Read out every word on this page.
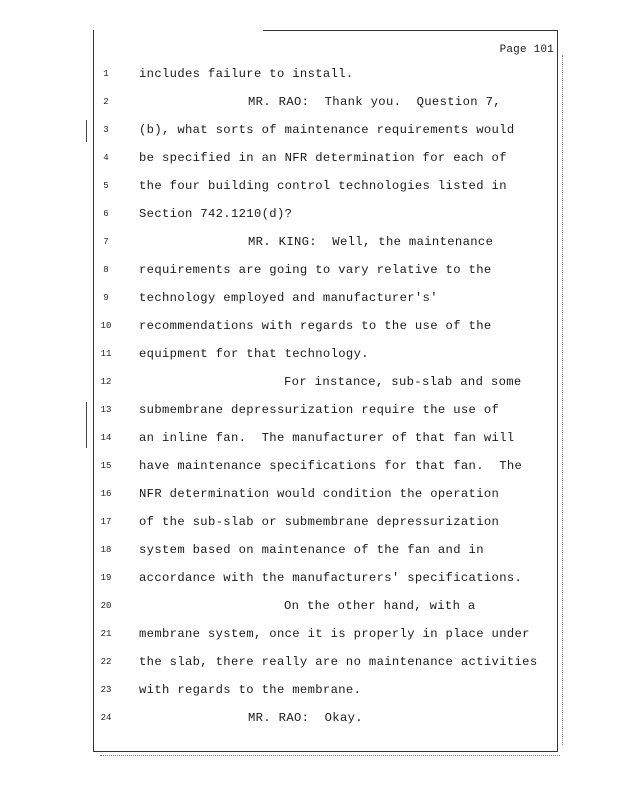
Page 101
1	includes failure to install.
2	MR. RAO:  Thank you.  Question 7,
3	(b), what sorts of maintenance requirements would
4	be specified in an NFR determination for each of
5	the four building control technologies listed in
6	Section 742.1210(d)?
7	MR. KING:  Well, the maintenance
8	requirements are going to vary relative to the
9	technology employed and manufacturer's'
10	recommendations with regards to the use of the
11	equipment for that technology.
12	For instance, sub-slab and some
13	submembrane depressurization require the use of
14	an inline fan.  The manufacturer of that fan will
15	have maintenance specifications for that fan.  The
16	NFR determination would condition the operation
17	of the sub-slab or submembrane depressurization
18	system based on maintenance of the fan and in
19	accordance with the manufacturers' specifications.
20	On the other hand, with a
21	membrane system, once it is properly in place under
22	the slab, there really are no maintenance activities
23	with regards to the membrane.
24	MR. RAO:  Okay.
